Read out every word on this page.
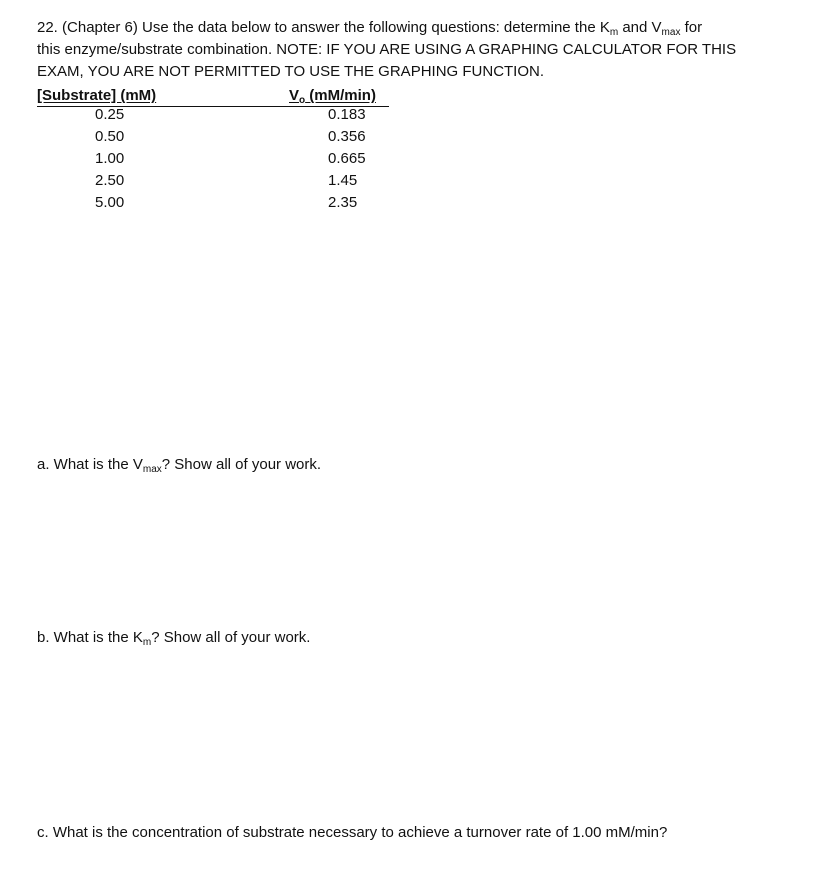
22. (Chapter 6) Use the data below to answer the following questions: determine the $K_m$ and $V_{max}$ for
this enzyme/substrate combination. NOTE: IF YOU ARE USING A GRAPHING CALCULATOR FOR THIS
EXAM, YOU ARE NOT PERMITTED TO USE THE GRAPHING FUNCTION.
[Substrate] (mM)	$V_o$ (mM/min)
0.25	0.183
0.50	0.356
1.00	0.665
2.50	1.45
5.00	2.35
a. What is the $V_{max}$? Show all of your work.
b. What is the $K_m$? Show all of your work.
c. What is the concentration of substrate necessary to achieve a turnover rate of 1.00 mM/min?
